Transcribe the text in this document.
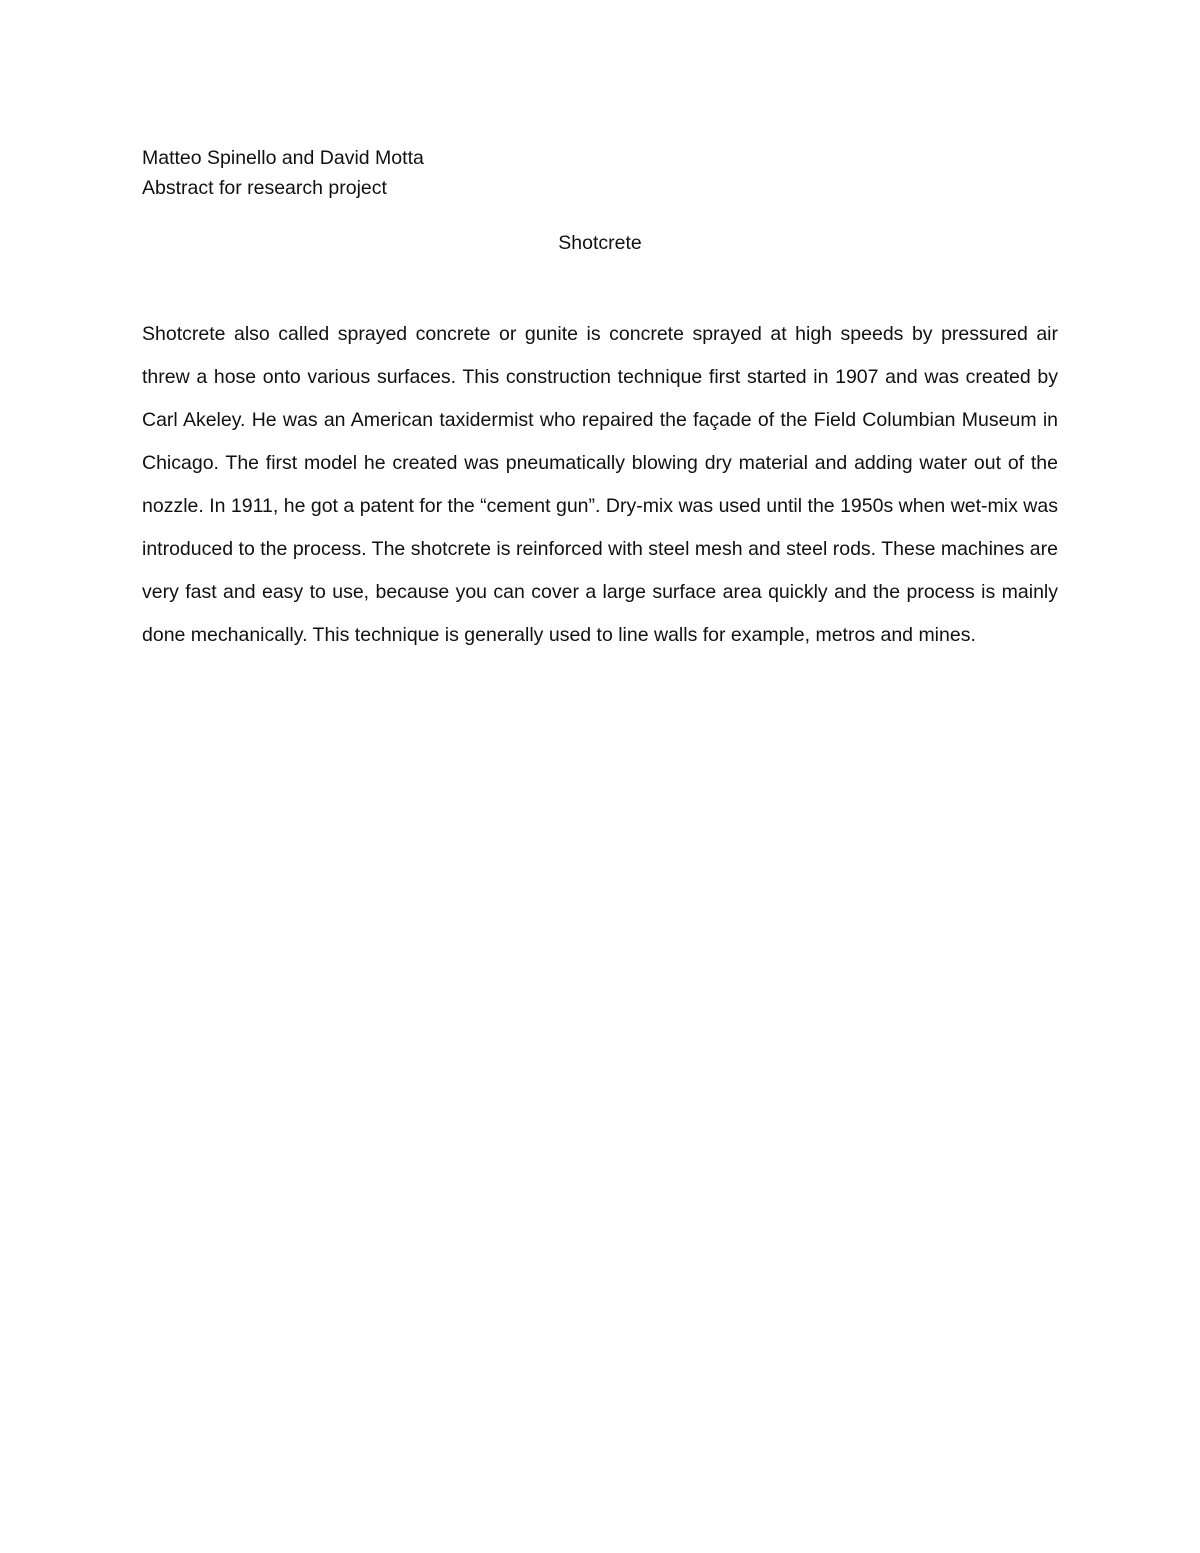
Matteo Spinello and David Motta
Abstract for research project
Shotcrete

Shotcrete also called sprayed concrete or gunite is concrete sprayed at high speeds by pressured air threw a hose onto various surfaces. This construction technique first started in 1907 and was created by Carl Akeley. He was an American taxidermist who repaired the façade of the Field Columbian Museum in Chicago. The first model he created was pneumatically blowing dry material and adding water out of the nozzle. In 1911, he got a patent for the “cement gun”. Dry-mix was used until the 1950s when wet-mix was introduced to the process. The shotcrete is reinforced with steel mesh and steel rods. These machines are very fast and easy to use, because you can cover a large surface area quickly and the process is mainly done mechanically. This technique is generally used to line walls for example, metros and mines.
